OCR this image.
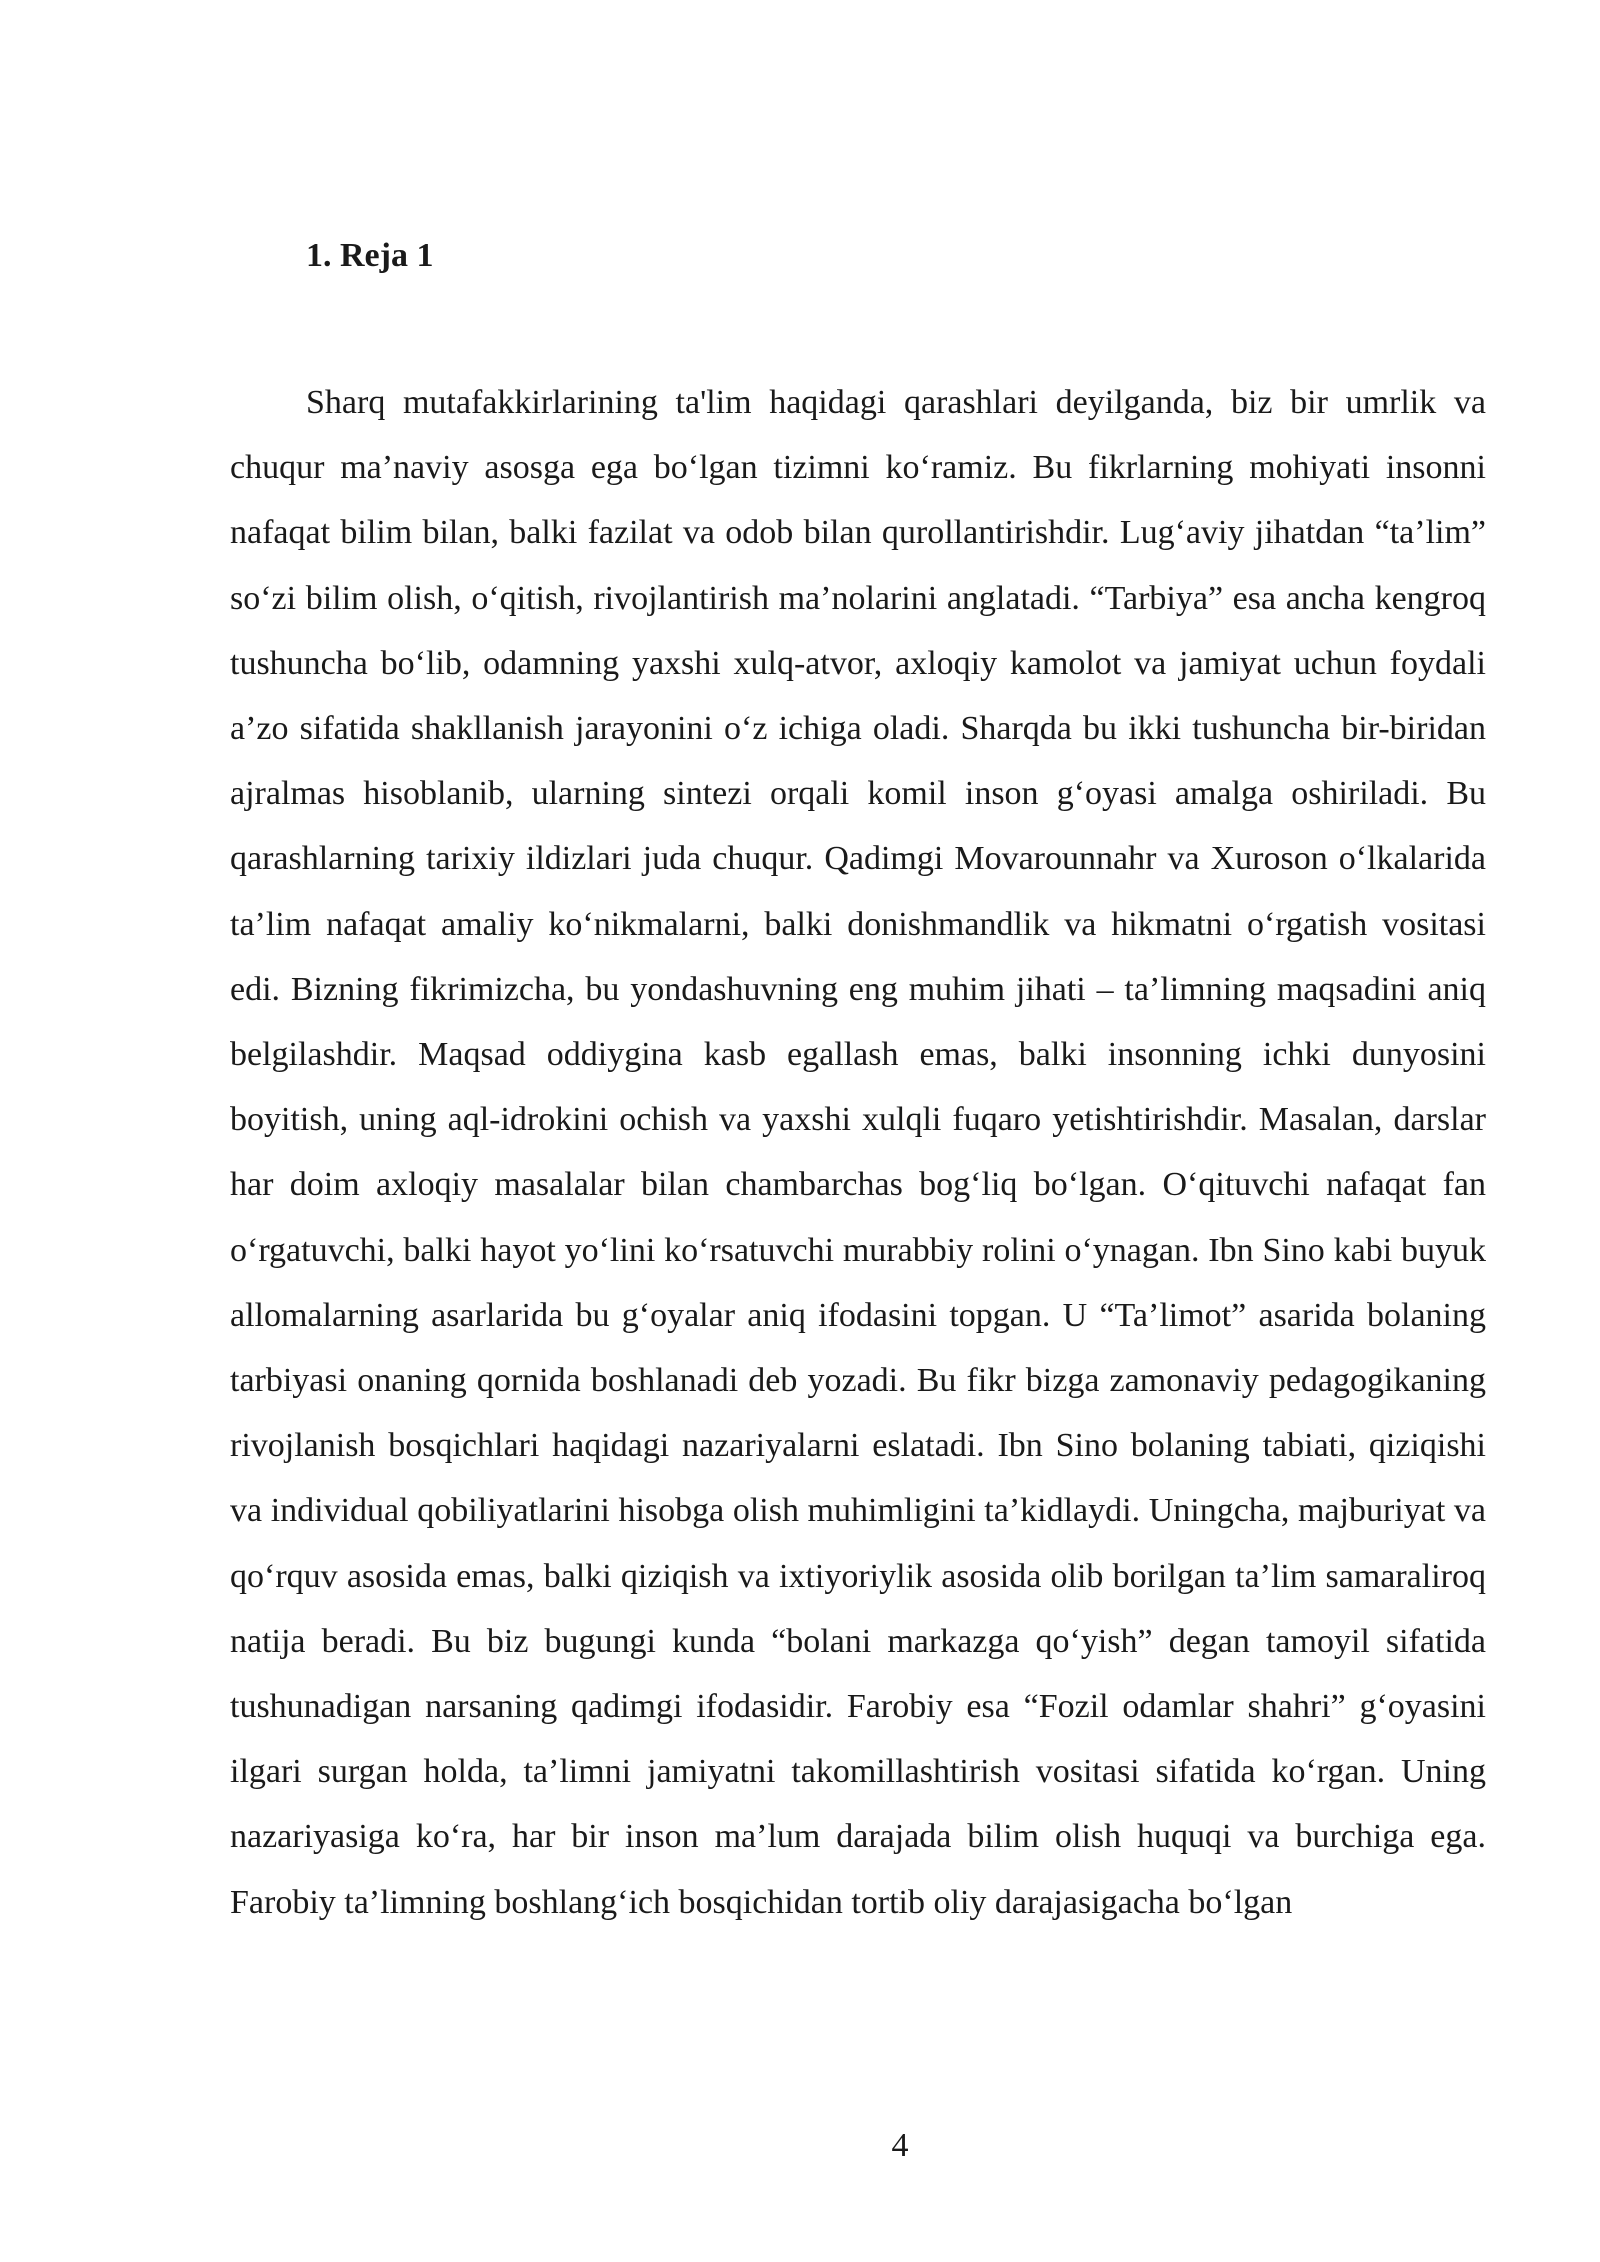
1. Reja 1

Sharq mutafakkirlarining ta'lim haqidagi qarashlari deyilganda, biz bir umrlik va chuqur ma’naviy asosga ega bo‘lgan tizimni ko‘ramiz. Bu fikrlarning mohiyati insonni nafaqat bilim bilan, balki fazilat va odob bilan qurollantirishdir. Lug‘aviy jihatdan “ta’lim” so‘zi bilim olish, o‘qitish, rivojlantirish ma’nolarini anglatadi. “Tarbiya” esa ancha kengroq tushuncha bo‘lib, odamning yaxshi xulq-atvor, axloqiy kamolot va jamiyat uchun foydali a’zo sifatida shakllanish jarayonini o‘z ichiga oladi. Sharqda bu ikki tushuncha bir-biridan ajralmas hisoblanib, ularning sintezi orqali komil inson g‘oyasi amalga oshiriladi. Bu qarashlarning tarixiy ildizlari juda chuqur. Qadimgi Movarounnahr va Xuroson o‘lkalarida ta’lim nafaqat amaliy ko‘nikmalarni, balki donishmandlik va hikmatni o‘rgatish vositasi edi. Bizning fikrimizcha, bu yondashuvning eng muhim jihati – ta’limning maqsadini aniq belgilashdir. Maqsad oddiygina kasb egallash emas, balki insonning ichki dunyosini boyitish, uning aql-idrokini ochish va yaxshi xulqli fuqaro yetishtirishdir. Masalan, darslar har doim axloqiy masalalar bilan chambarchas bog‘liq bo‘lgan. O‘qituvchi nafaqat fan o‘rgatuvchi, balki hayot yo‘lini ko‘rsatuvchi murabbiy rolini o‘ynagan. Ibn Sino kabi buyuk allomalarning asarlarida bu g‘oyalar aniq ifodasini topgan. U “Ta’limot” asarida bolaning tarbiyasi onaning qornida boshlanadi deb yozadi. Bu fikr bizga zamonaviy pedagogikaning rivojlanish bosqichlari haqidagi nazariyalarni eslatadi. Ibn Sino bolaning tabiati, qiziqishi va individual qobiliyatlarini hisobga olish muhimligini ta’kidlaydi. Uningcha, majburiyat va qo‘rquv asosida emas, balki qiziqish va ixtiyoriylik asosida olib borilgan ta’lim samaraliroq natija beradi. Bu biz bugungi kunda “bolani markazga qo‘yish” degan tamoyil sifatida tushunadigan narsaning qadimgi ifodasidir. Farobiy esa “Fozil odamlar shahri” g‘oyasini ilgari surgan holda, ta’limni jamiyatni takomillashtirish vositasi sifatida ko‘rgan. Uning nazariyasiga ko‘ra, har bir inson ma’lum darajada bilim olish huquqi va burchiga ega. Farobiy ta’limning boshlang‘ich bosqichidan tortib oliy darajasigacha bo‘lgan

4
